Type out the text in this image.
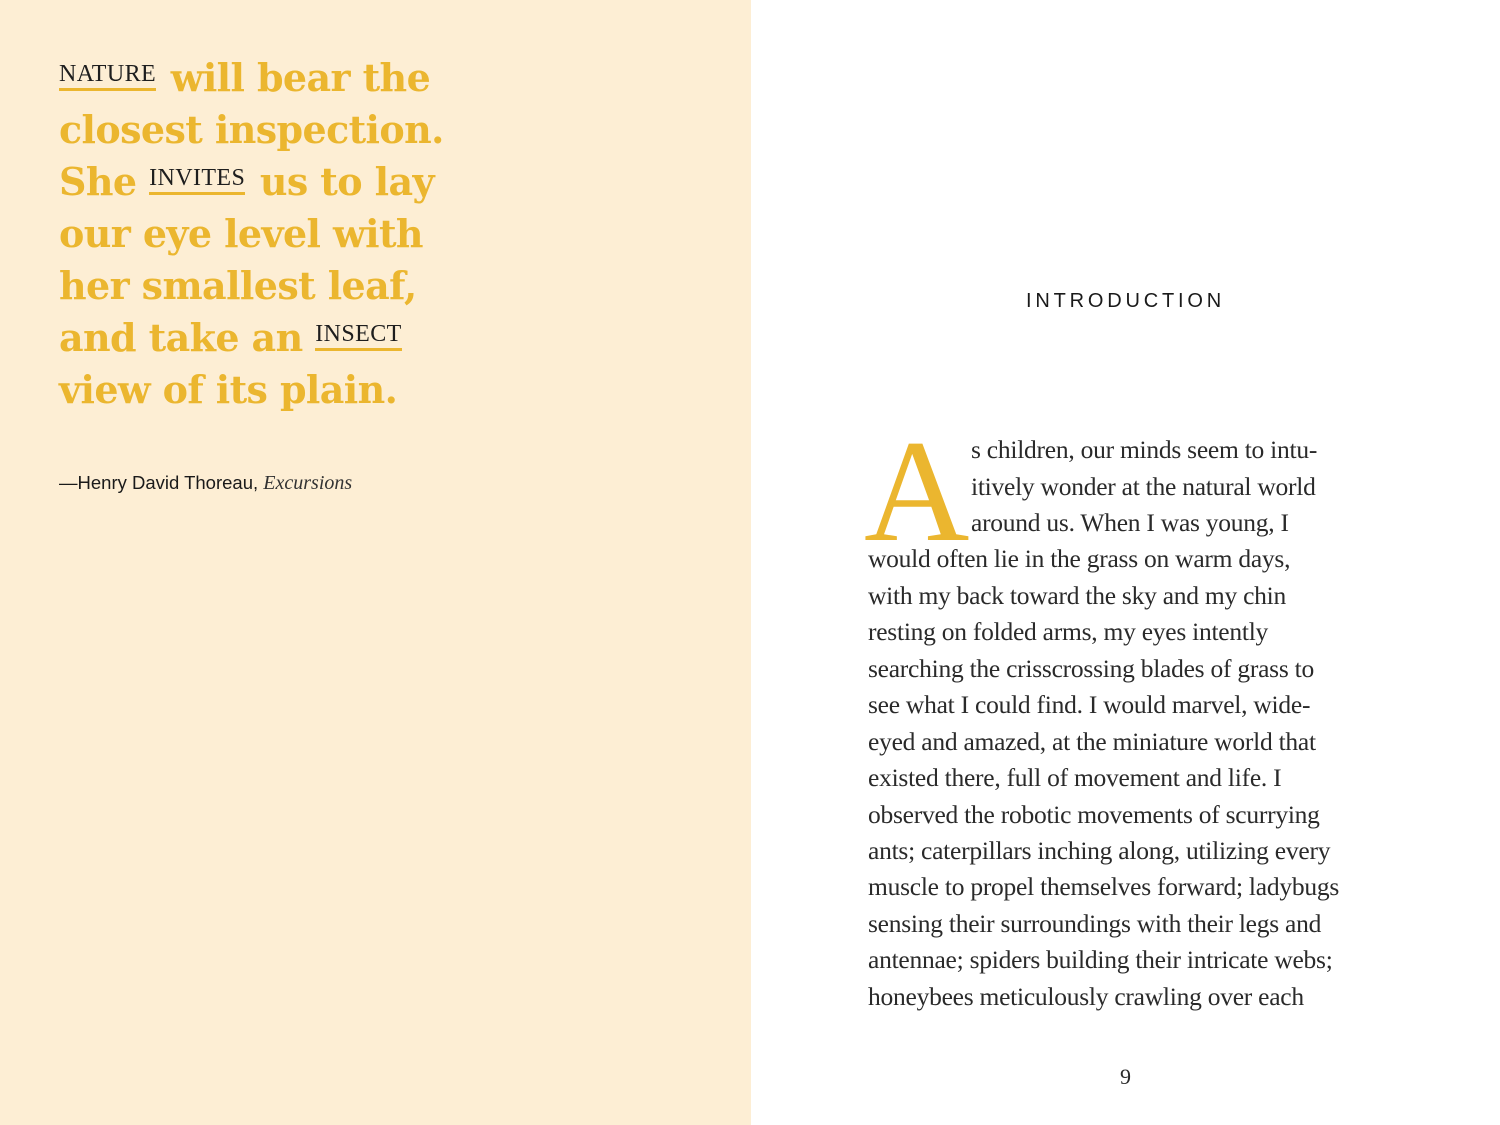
NATURE will bear the
closest inspection.
She INVITES us to lay
our eye level with
her smallest leaf,
and take an INSECT
view of its plain.
—Henry David Thoreau, Excursions
INTRODUCTION
A s children, our minds seem to intu-
itively wonder at the natural world
around us. When I was young, I
would often lie in the grass on warm days,
with my back toward the sky and my chin
resting on folded arms, my eyes intently
searching the crisscrossing blades of grass to
see what I could find. I would marvel, wide-
eyed and amazed, at the miniature world that
existed there, full of movement and life. I
observed the robotic movements of scurrying
ants; caterpillars inching along, utilizing every
muscle to propel themselves forward; ladybugs
sensing their surroundings with their legs and
antennae; spiders building their intricate webs;
honeybees meticulously crawling over each
9
